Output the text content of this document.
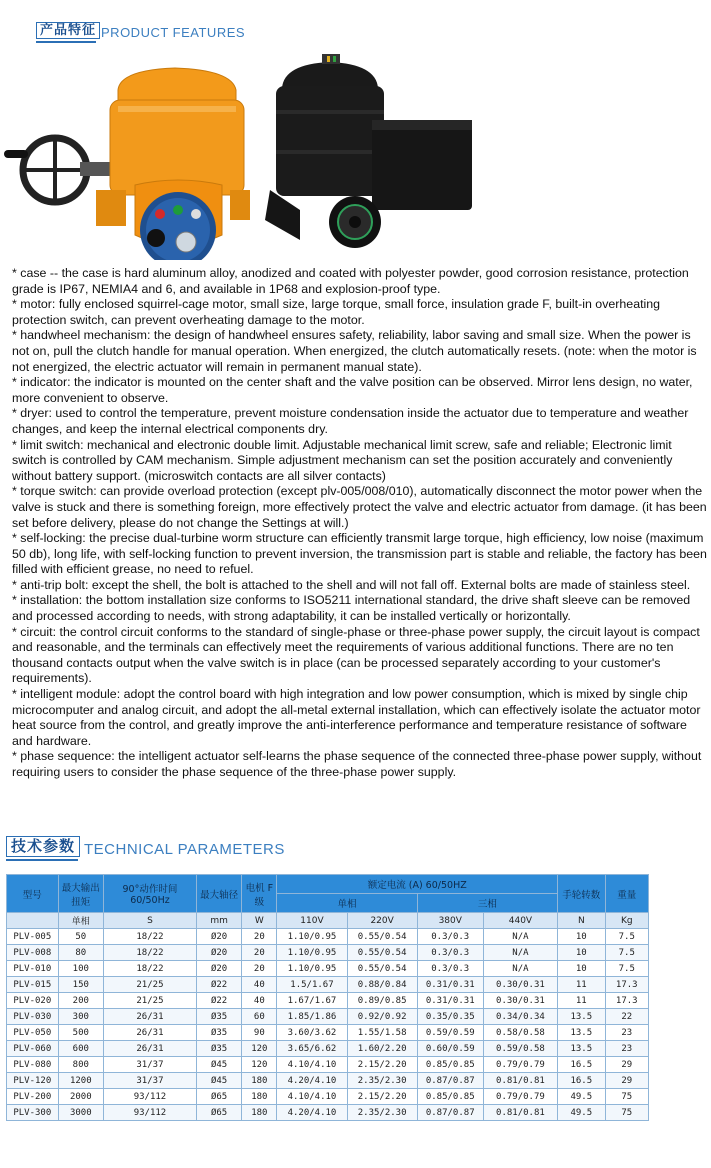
产品特征 PRODUCT FEATURES

* case -- the case is hard aluminum alloy, anodized and coated with polyester powder, good corrosion resistance, protection grade is IP67, NEMIA4 and 6, and available in 1P68 and explosion-proof type.

* motor: fully enclosed squirrel-cage motor, small size, large torque, small force, insulation grade F, built-in overheating protection switch, can prevent overheating damage to the motor.

* handwheel mechanism: the design of handwheel ensures safety, reliability, labor saving and small size. When the power is not on, pull the clutch handle for manual operation. When energized, the clutch automatically resets. (note: when the motor is not energized, the electric actuator will remain in permanent manual state).

* indicator: the indicator is mounted on the center shaft and the valve position can be observed. Mirror lens design, no water, more convenient to observe.

* dryer: used to control the temperature, prevent moisture condensation inside the actuator due to temperature and weather changes, and keep the internal electrical components dry.

* limit switch: mechanical and electronic double limit. Adjustable mechanical limit screw, safe and reliable; Electronic limit switch is controlled by CAM mechanism. Simple adjustment mechanism can set the position accurately and conveniently without battery support. (microswitch contacts are all silver contacts)

* torque switch: can provide overload protection (except plv-005/008/010), automatically disconnect the motor power when the valve is stuck and there is something foreign, more effectively protect the valve and electric actuator from damage. (it has been set before delivery, please do not change the Settings at will.)

* self-locking: the precise dual-turbine worm structure can efficiently transmit large torque, high efficiency, low noise (maximum 50 db), long life, with self-locking function to prevent inversion, the transmission part is stable and reliable, the factory has been filled with efficient grease, no need to refuel.

* anti-trip bolt: except the shell, the bolt is attached to the shell and will not fall off. External bolts are made of stainless steel.

* installation: the bottom installation size conforms to ISO5211 international standard, the drive shaft sleeve can be removed and processed according to needs, with strong adaptability, it can be installed vertically or horizontally.

* circuit: the control circuit conforms to the standard of single-phase or three-phase power supply, the circuit layout is compact and reasonable, and the terminals can effectively meet the requirements of various additional functions. There are no ten thousand contacts output when the valve switch is in place (can be processed separately according to your customer's requirements).

* intelligent module: adopt the control board with high integration and low power consumption, which is mixed by single chip microcomputer and analog circuit, and adopt the all-metal external installation, which can effectively isolate the actuator motor heat source from the control, and greatly improve the anti-interference performance and temperature resistance of software and hardware.

* phase sequence: the intelligent actuator self-learns the phase sequence of the connected three-phase power supply, without requiring users to consider the phase sequence of the three-phase power supply.

技术参数 TECHNICAL PARAMETERS
型号	最大输出扭矩	90°动作时间 60/50Hz	最大轴径	电机 F级	额定电流 (A) 60/50HZ				手轮转数	重量
					单相		三相			
	单相	S	mm	W	110V	220V	380V	440V	N	Kg
PLV-005	50	18/22	Ø20	20	1.10/0.95	0.55/0.54	0.3/0.3	N/A	10	7.5
PLV-008	80	18/22	Ø20	20	1.10/0.95	0.55/0.54	0.3/0.3	N/A	10	7.5
PLV-010	100	18/22	Ø20	20	1.10/0.95	0.55/0.54	0.3/0.3	N/A	10	7.5
PLV-015	150	21/25	Ø22	40	1.5/1.67	0.88/0.84	0.31/0.31	0.30/0.31	11	17.3
PLV-020	200	21/25	Ø22	40	1.67/1.67	0.89/0.85	0.31/0.31	0.30/0.31	11	17.3
PLV-030	300	26/31	Ø35	60	1.85/1.86	0.92/0.92	0.35/0.35	0.34/0.34	13.5	22
PLV-050	500	26/31	Ø35	90	3.60/3.62	1.55/1.58	0.59/0.59	0.58/0.58	13.5	23
PLV-060	600	26/31	Ø35	120	3.65/6.62	1.60/2.20	0.60/0.59	0.59/0.58	13.5	23
PLV-080	800	31/37	Ø45	120	4.10/4.10	2.15/2.20	0.85/0.85	0.79/0.79	16.5	29
PLV-120	1200	31/37	Ø45	180	4.20/4.10	2.35/2.30	0.87/0.87	0.81/0.81	16.5	29
PLV-200	2000	93/112	Ø65	180	4.10/4.10	2.15/2.20	0.85/0.85	0.79/0.79	49.5	75
PLV-300	3000	93/112	Ø65	180	4.20/4.10	2.35/2.30	0.87/0.87	0.81/0.81	49.5	75
